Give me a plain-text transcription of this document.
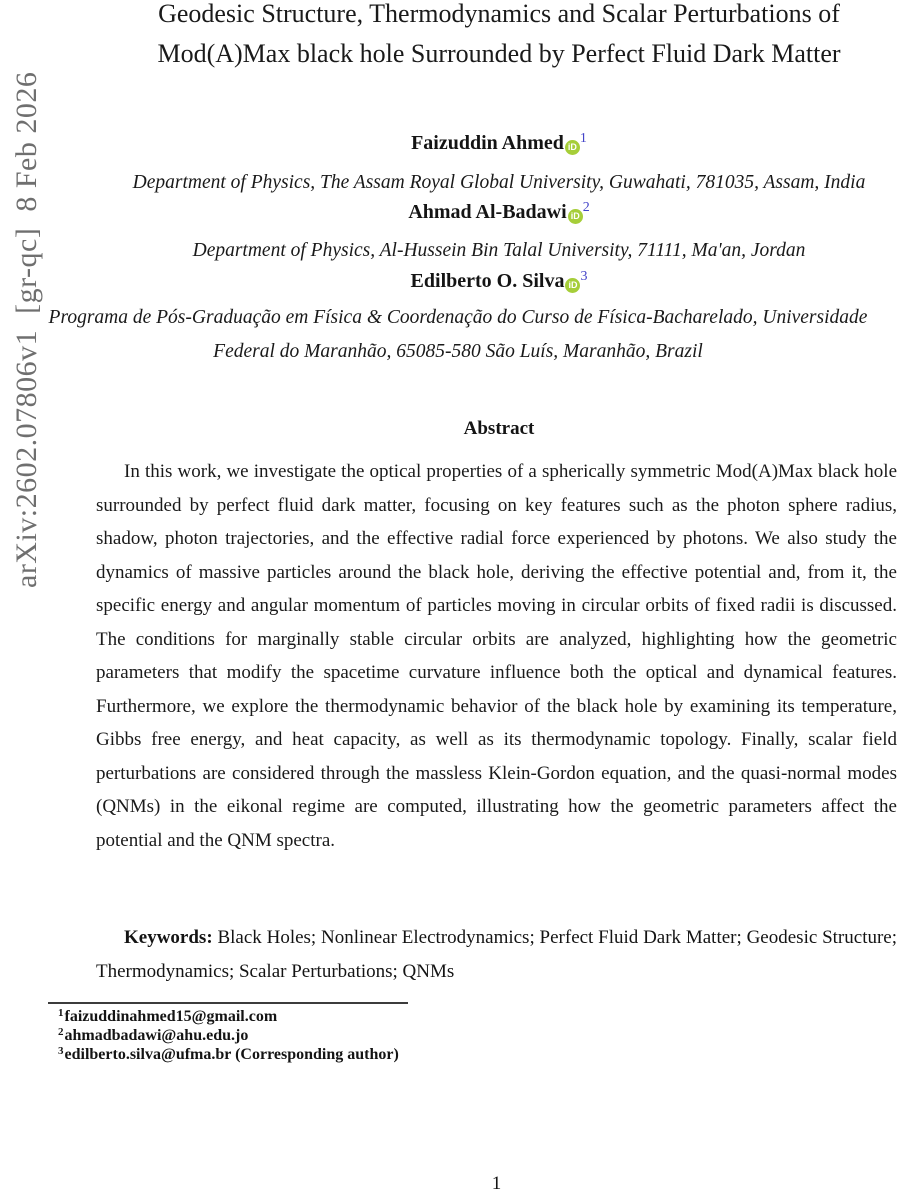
arXiv:2602.07806v1  [gr-qc]  8 Feb 2026
Geodesic Structure, Thermodynamics and Scalar Perturbations of Mod(A)Max black hole Surrounded by Perfect Fluid Dark Matter
Faizuddin Ahmed iD$^1$
Department of Physics, The Assam Royal Global University, Guwahati, 781035, Assam, India
Ahmad Al-Badawi iD$^2$
Department of Physics, Al-Hussein Bin Talal University, 71111, Ma'an, Jordan
Edilberto O. Silva iD$^3$
Programa de Pós-Graduação em Física & Coordenação do Curso de Física-Bacharelado, Universidade Federal do Maranhão, 65085-580 São Luís, Maranhão, Brazil
Abstract

In this work, we investigate the optical properties of a spherically symmetric Mod(A)Max black hole surrounded by perfect fluid dark matter, focusing on key features such as the photon sphere radius, shadow, photon trajectories, and the effective radial force experienced by photons. We also study the dynamics of massive particles around the black hole, deriving the effective potential and, from it, the specific energy and angular momentum of particles moving in circular orbits of fixed radii is discussed. The conditions for marginally stable circular orbits are analyzed, highlighting how the geometric parameters that modify the spacetime curvature influence both the optical and dynamical features. Furthermore, we explore the thermodynamic behavior of the black hole by examining its temperature, Gibbs free energy, and heat capacity, as well as its thermodynamic topology. Finally, scalar field perturbations are considered through the massless Klein-Gordon equation, and the quasi-normal modes (QNMs) in the eikonal regime are computed, illustrating how the geometric parameters affect the potential and the QNM spectra.

Keywords: Black Holes; Nonlinear Electrodynamics; Perfect Fluid Dark Matter; Geodesic Structure; Thermodynamics; Scalar Perturbations; QNMs

$^1$faizuddinahmed15@gmail.com
$^2$ahmadbadawi@ahu.edu.jo
$^3$edilberto.silva@ufma.br (Corresponding author)
1
